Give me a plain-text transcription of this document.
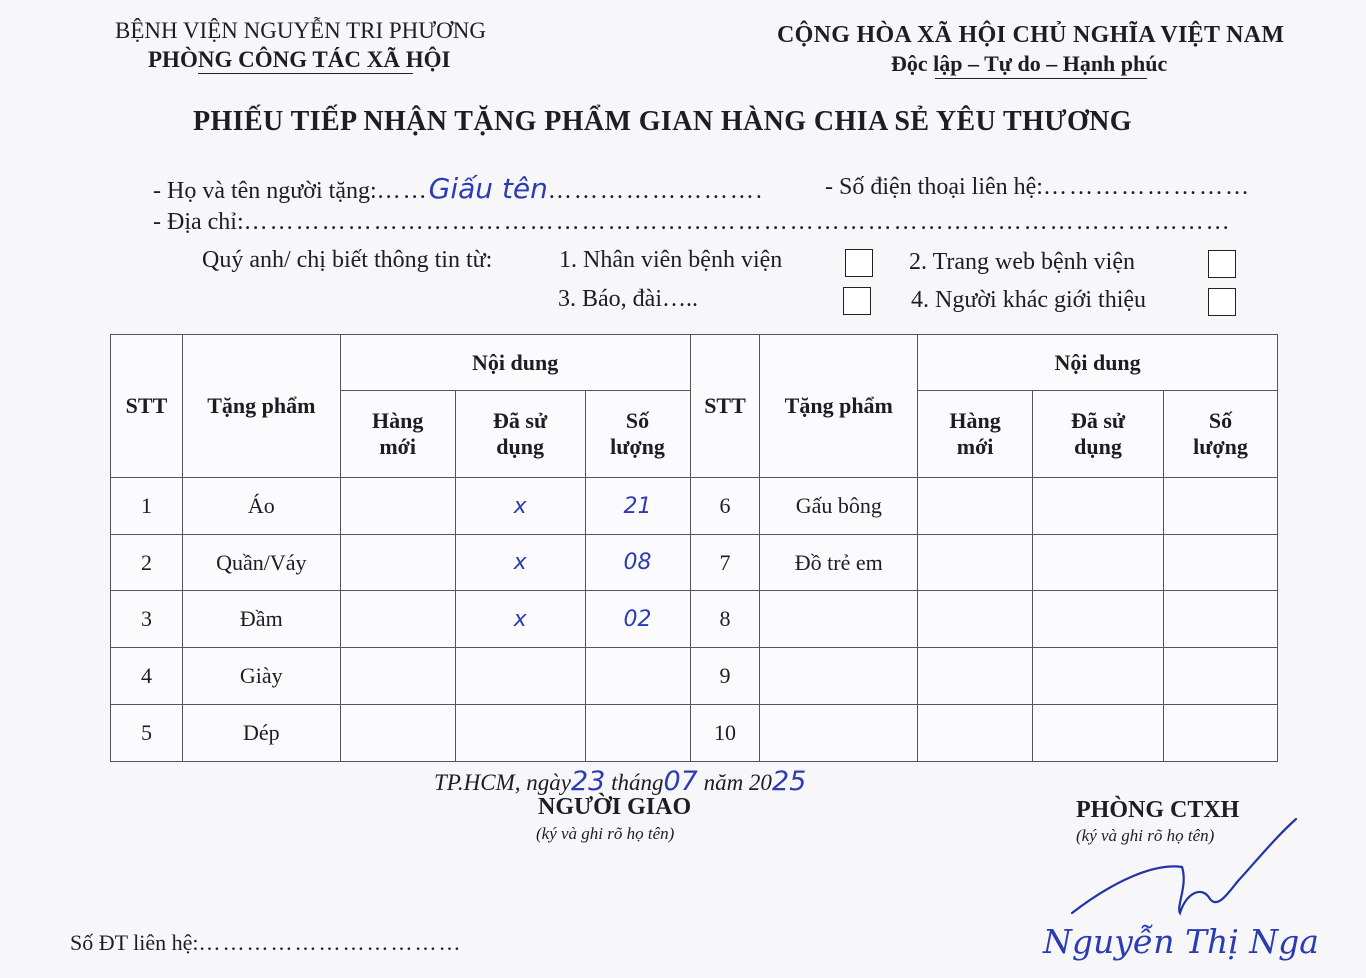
BỆNH VIỆN NGUYỄN TRI PHƯƠNG
PHÒNG CÔNG TÁC XÃ HỘI
CỘNG HÒA XÃ HỘI CHỦ NGHĨA VIỆT NAM
Độc lập – Tự do – Hạnh phúc
PHIẾU TIẾP NHẬN TẶNG PHẨM GIAN HÀNG CHIA SẺ YÊU THƯƠNG
- Họ và tên người tặng:……Giấu tên…………………….	- Số điện thoại liên hệ:……………………
- Địa chỉ:……………………………………………………………………………………………………
Quý anh/ chị biết thông tin từ:	1. Nhân viên bệnh viện	2. Trang web bệnh viện
3. Báo, đài…..	4. Người khác giới thiệu
STT	Tặng phẩm	Nội dung			STT	Tặng phẩm	Nội dung		
		Hàng mới	Đã sử dụng	Số lượng			Hàng mới	Đã sử dụng	Số lượng
1	Áo		x	21	6	Gấu bông			
2	Quần/Váy		x	08	7	Đồ trẻ em			
3	Đầm		x	02	8				
4	Giày				9				
5	Dép				10				
TP.HCM, ngày23 tháng07 năm 2025
NGƯỜI GIAO
(ký và ghi rõ họ tên)
PHÒNG CTXH
(ký và ghi rõ họ tên)
Nguyễn Thị Nga
Số ĐT liên hệ:……………………………
